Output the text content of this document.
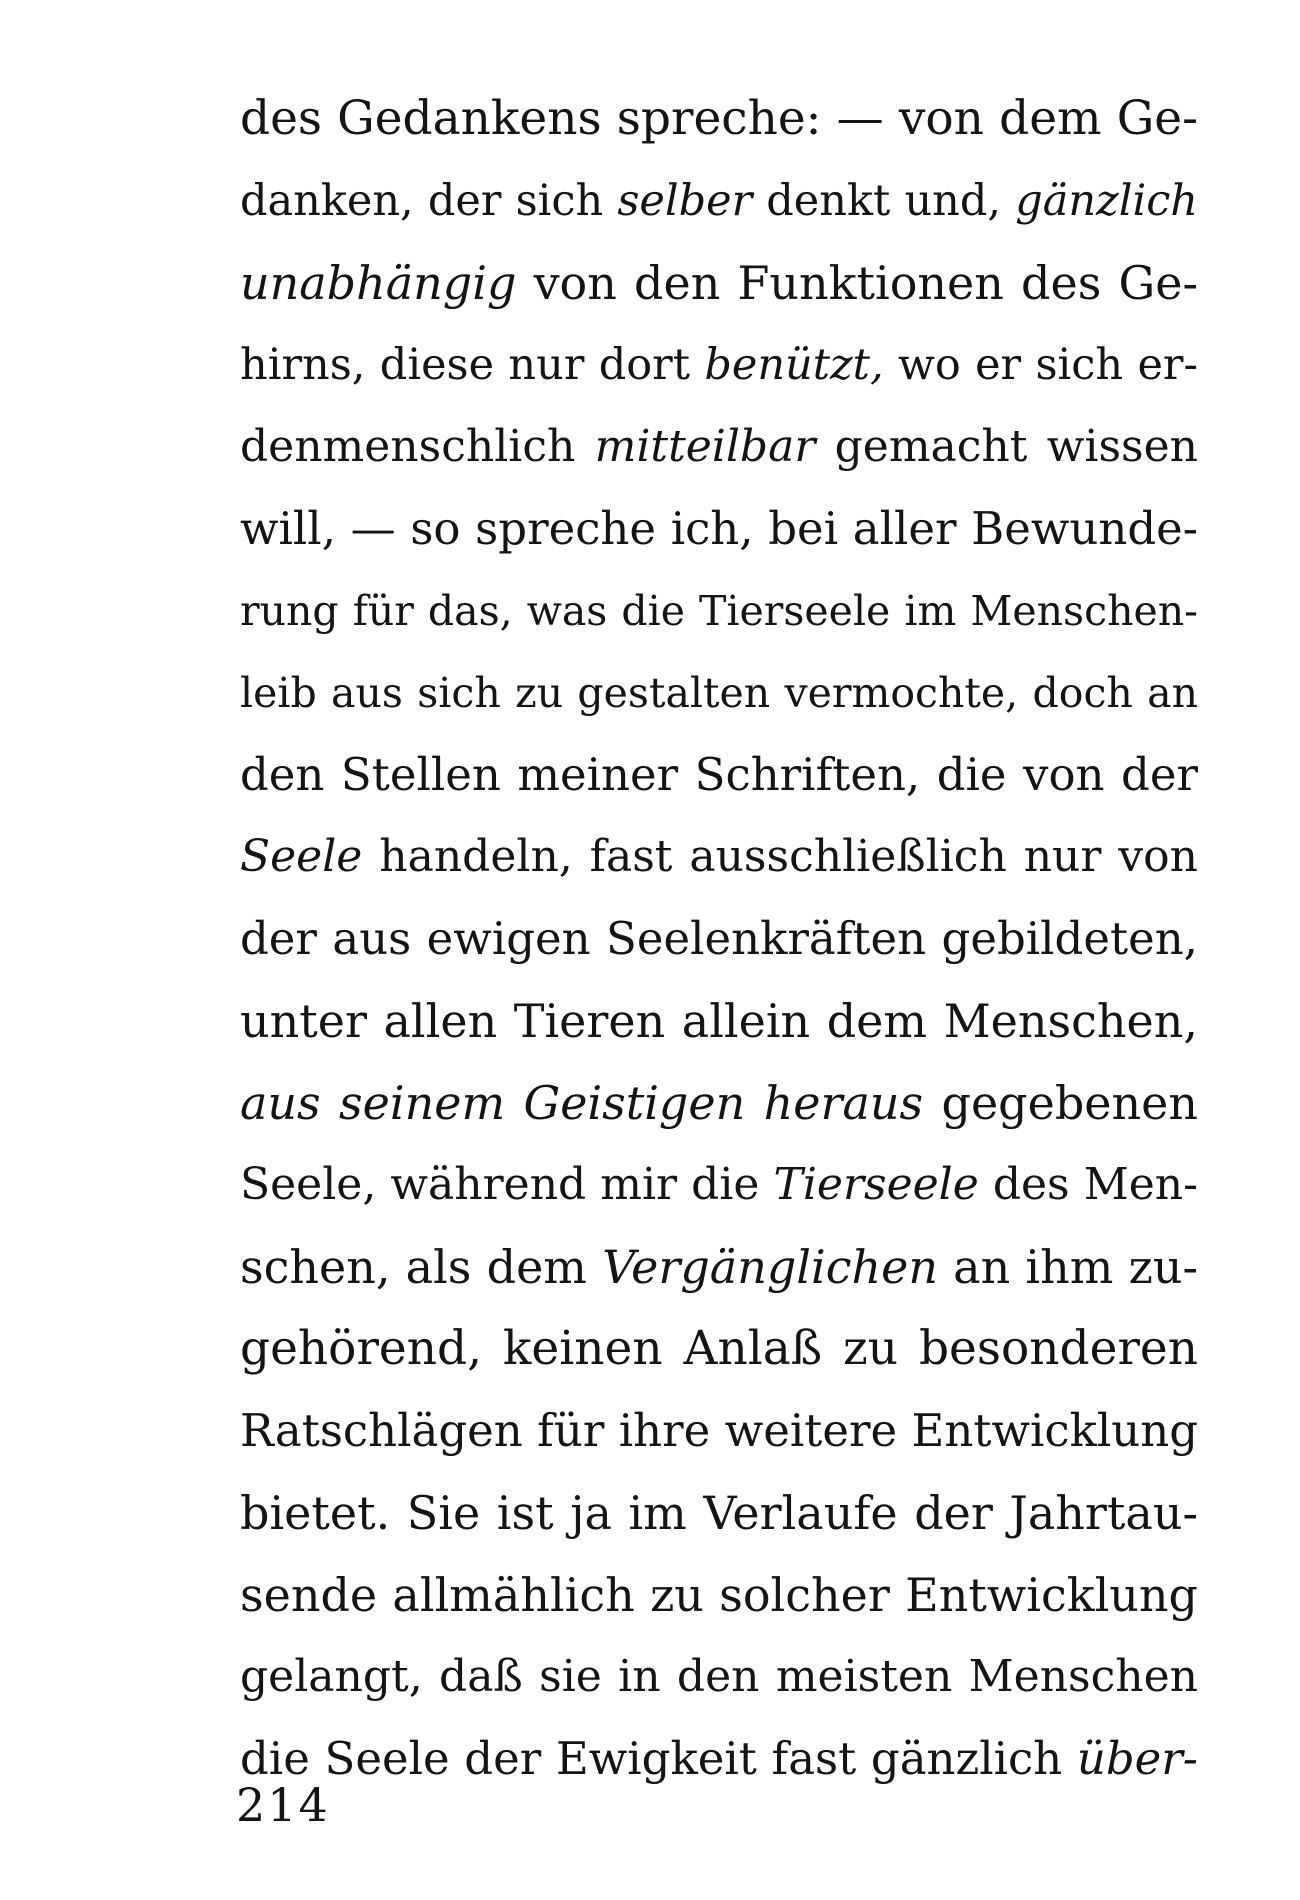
des Gedankens spreche: — von dem Ge-
danken, der sich selber denkt und, gänzlich
unabhängig von den Funktionen des Ge-
hirns, diese nur dort benützt, wo er sich er-
denmenschlich mitteilbar gemacht wissen
will, — so spreche ich, bei aller Bewunde-
rung für das, was die Tierseele im Menschen-
leib aus sich zu gestalten vermochte, doch an
den Stellen meiner Schriften, die von der
Seele handeln, fast ausschließlich nur von
der aus ewigen Seelenkräften gebildeten,
unter allen Tieren allein dem Menschen,
aus seinem Geistigen heraus gegebenen
Seele, während mir die Tierseele des Men-
schen, als dem Vergänglichen an ihm zu-
gehörend, keinen Anlaß zu besonderen
Ratschlägen für ihre weitere Entwicklung
bietet. Sie ist ja im Verlaufe der Jahrtau-
sende allmählich zu solcher Entwicklung
gelangt, daß sie in den meisten Menschen
die Seele der Ewigkeit fast gänzlich über-
214
